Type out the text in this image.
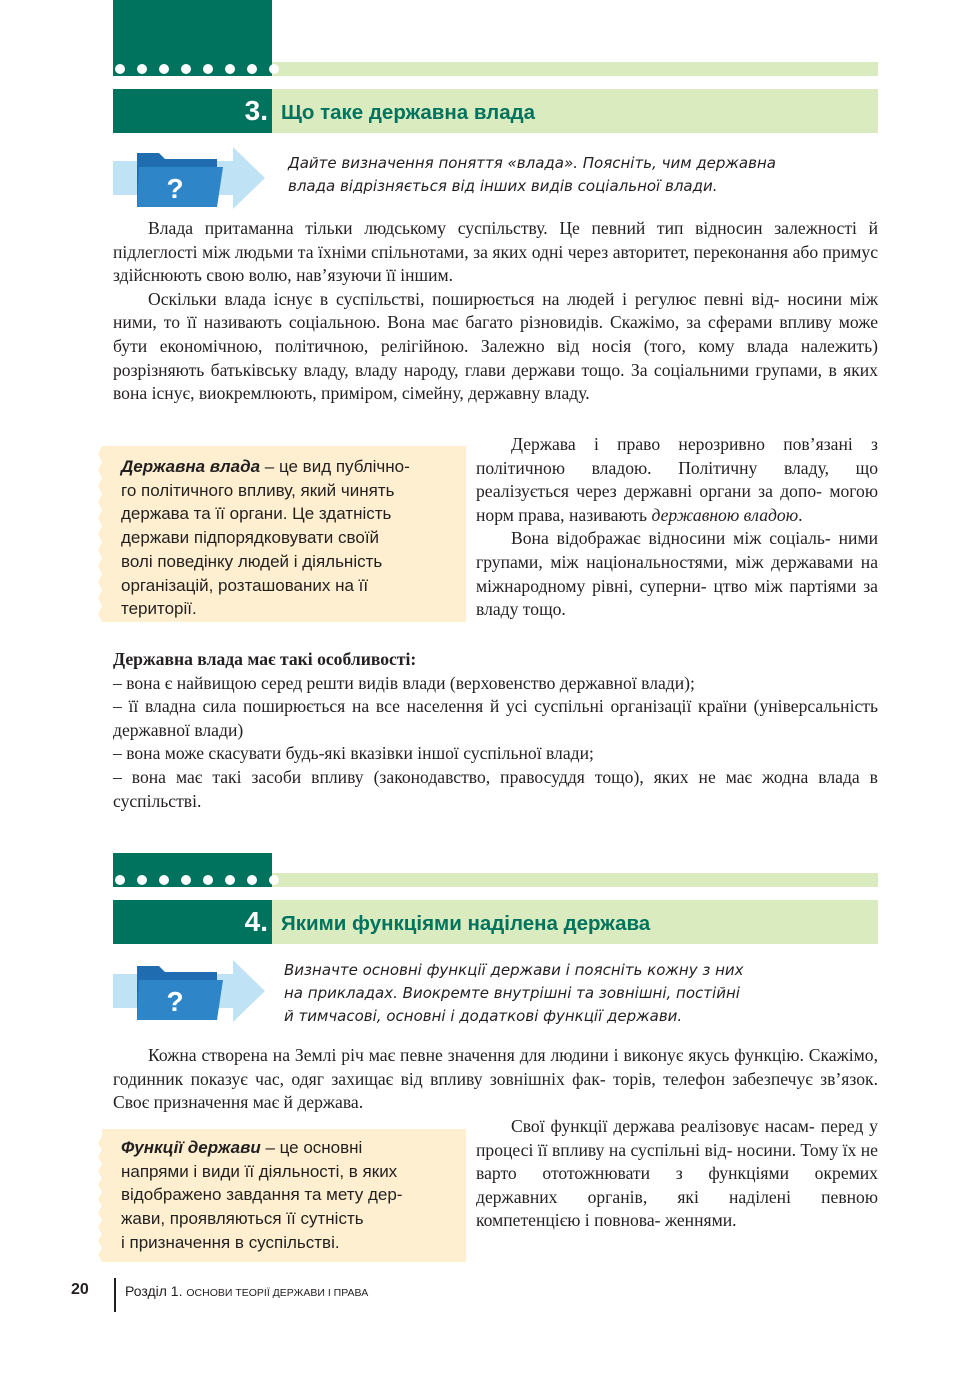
3. Що таке державна влада
?
Дайте визначення поняття «влада». Поясніть, чим державна
влада відрізняється від інших видів соціальної влади.

Влада притаманна тільки людському суспільству. Це певний тип відносин залежності й підлеглості між людьми та їхніми спільнотами, за яких одні через авторитет, переконання або примус здійснюють свою волю, нав’язуючи її іншим.

Оскільки влада існує в суспільстві, поширюється на людей і регулює певні від- носини між ними, то її називають соціальною. Вона має багато різновидів. Скажімо, за сферами впливу може бути економічною, політичною, релігійною. Залежно від носія (того, кому влада належить) розрізняють батьківську владу, владу народу, глави держави тощо. За соціальними групами, в яких вона існує, виокремлюють, приміром, сімейну, державну владу.

Державна влада – це вид публічно-
го політичного впливу, який чинять
держава та її органи. Це здатність
держави підпорядковувати своїй
волі поведінку людей і діяльність
організацій, розташованих на її
території.

Держава і право нерозривно пов’язані з політичною владою. Політичну владу, що реалізується через державні органи за допо- могою норм права, називають державною владою.

Вона відображає відносини між соціаль- ними групами, між національностями, між державами на міжнародному рівні, суперни- цтво між партіями за владу тощо.

Державна влада має такі особливості:

– вона є найвищою серед решти видів влади (верховенство державної влади);

– її владна сила поширюється на все населення й усі суспільні організації країни (універсальність державної влади)

– вона може скасувати будь-які вказівки іншої суспільної влади;

– вона має такі засоби впливу (законодавство, правосуддя тощо), яких не має жодна влада в суспільстві.

4. Якими функціями наділена держава
?
Визначте основні функції держави і поясніть кожну з них
на прикладах. Виокремте внутрішні та зовнішні, постійні
й тимчасові, основні і додаткові функції держави.

Кожна створена на Землі річ має певне значення для людини і виконує якусь функцію. Скажімо, годинник показує час, одяг захищає від впливу зовнішніх фак- торів, телефон забезпечує зв’язок. Своє призначення має й держава.

Функції держави – це основні
напрями і види її діяльності, в яких
відображено завдання та мету дер-
жави, проявляються її сутність
і призначення в суспільстві.

Свої функції держава реалізовує насам- перед у процесі її впливу на суспільні від- носини. Тому їх не варто ототожнювати з функціями окремих державних органів, які наділені певною компетенцією і повнова- женнями.

20	Розділ 1. ОСНОВИ ТЕОРІЇ ДЕРЖАВИ І ПРАВА
